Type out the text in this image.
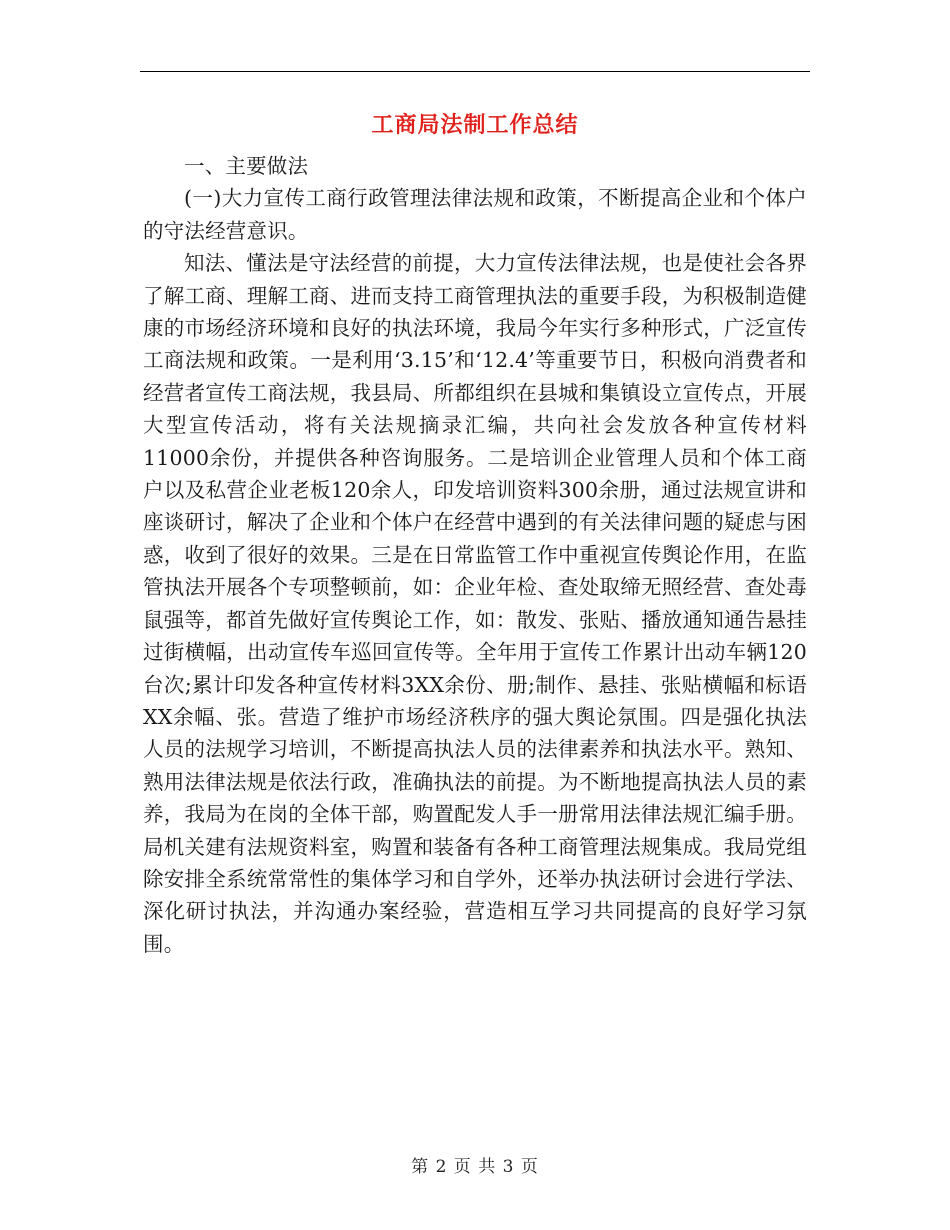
工商局法制工作总结

一、主要做法

(一)大力宣传工商行政管理法律法规和政策，不断提高企业和个体户的守法经营意识。

知法、懂法是守法经营的前提，大力宣传法律法规，也是使社会各界了解工商、理解工商、进而支持工商管理执法的重要手段，为积极制造健康的市场经济环境和良好的执法环境，我局今年实行多种形式，广泛宣传工商法规和政策。一是利用‘3.15’和‘12.4’等重要节日，积极向消费者和经营者宣传工商法规，我县局、所都组织在县城和集镇设立宣传点，开展大型宣传活动，将有关法规摘录汇编，共向社会发放各种宣传材料11000余份，并提供各种咨询服务。二是培训企业管理人员和个体工商户以及私营企业老板120余人，印发培训资料300余册，通过法规宣讲和座谈研讨，解决了企业和个体户在经营中遇到的有关法律问题的疑虑与困惑，收到了很好的效果。三是在日常监管工作中重视宣传舆论作用，在监管执法开展各个专项整顿前，如：企业年检、查处取缔无照经营、查处毒鼠强等，都首先做好宣传舆论工作，如：散发、张贴、播放通知通告悬挂过街横幅，出动宣传车巡回宣传等。全年用于宣传工作累计出动车辆120台次;累计印发各种宣传材料3XX余份、册;制作、悬挂、张贴横幅和标语XX余幅、张。营造了维护市场经济秩序的强大舆论氛围。四是强化执法人员的法规学习培训，不断提高执法人员的法律素养和执法水平。熟知、熟用法律法规是依法行政，准确执法的前提。为不断地提高执法人员的素养，我局为在岗的全体干部，购置配发人手一册常用法律法规汇编手册。局机关建有法规资料室，购置和装备有各种工商管理法规集成。我局党组除安排全系统常常性的集体学习和自学外，还举办执法研讨会进行学法、深化研讨执法，并沟通办案经验，营造相互学习共同提高的良好学习氛围。

第 2 页 共 3 页
